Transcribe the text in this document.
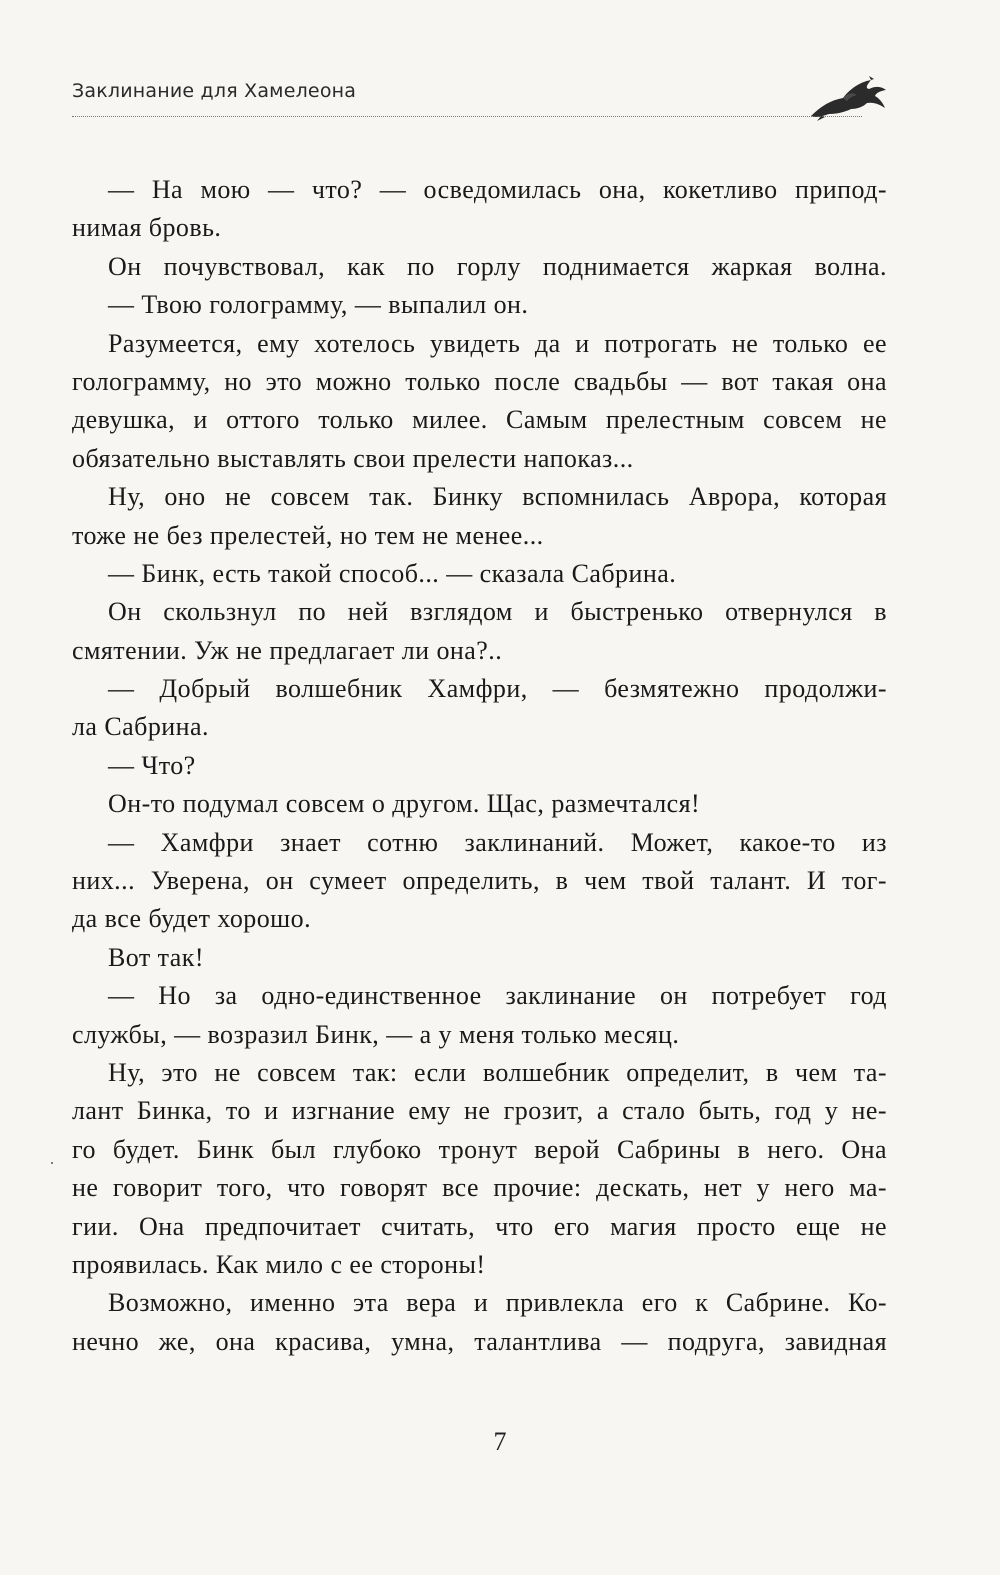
Заклинание для Хамелеона
— На мою — что? — осведомилась она, кокетливо припод-
нимая бровь.
Он почувствовал, как по горлу поднимается жаркая волна.
— Твою голограмму, — выпалил он.
Разумеется, ему хотелось увидеть да и потрогать не только ее
голограмму, но это можно только после свадьбы — вот такая она
девушка, и оттого только милее. Самым прелестным совсем не
обязательно выставлять свои прелести напоказ...
Ну, оно не совсем так. Бинку вспомнилась Аврора, которая
тоже не без прелестей, но тем не менее...
— Бинк, есть такой способ... — сказала Сабрина.
Он скользнул по ней взглядом и быстренько отвернулся в
смятении. Уж не предлагает ли она?..
— Добрый волшебник Хамфри, — безмятежно продолжи-
ла Сабрина.
— Что?
Он-то подумал совсем о другом. Щас, размечтался!
— Хамфри знает сотню заклинаний. Может, какое-то из
них... Уверена, он сумеет определить, в чем твой талант. И тог-
да все будет хорошо.
Вот так!
— Но за одно-единственное заклинание он потребует год
службы, — возразил Бинк, — а у меня только месяц.
Ну, это не совсем так: если волшебник определит, в чем та-
лант Бинка, то и изгнание ему не грозит, а стало быть, год у не-
го будет. Бинк был глубоко тронут верой Сабрины в него. Она
не говорит того, что говорят все прочие: дескать, нет у него ма-
гии. Она предпочитает считать, что его магия просто еще не
проявилась. Как мило с ее стороны!
Возможно, именно эта вера и привлекла его к Сабрине. Ко-
нечно же, она красива, умна, талантлива — подруга, завидная
7
